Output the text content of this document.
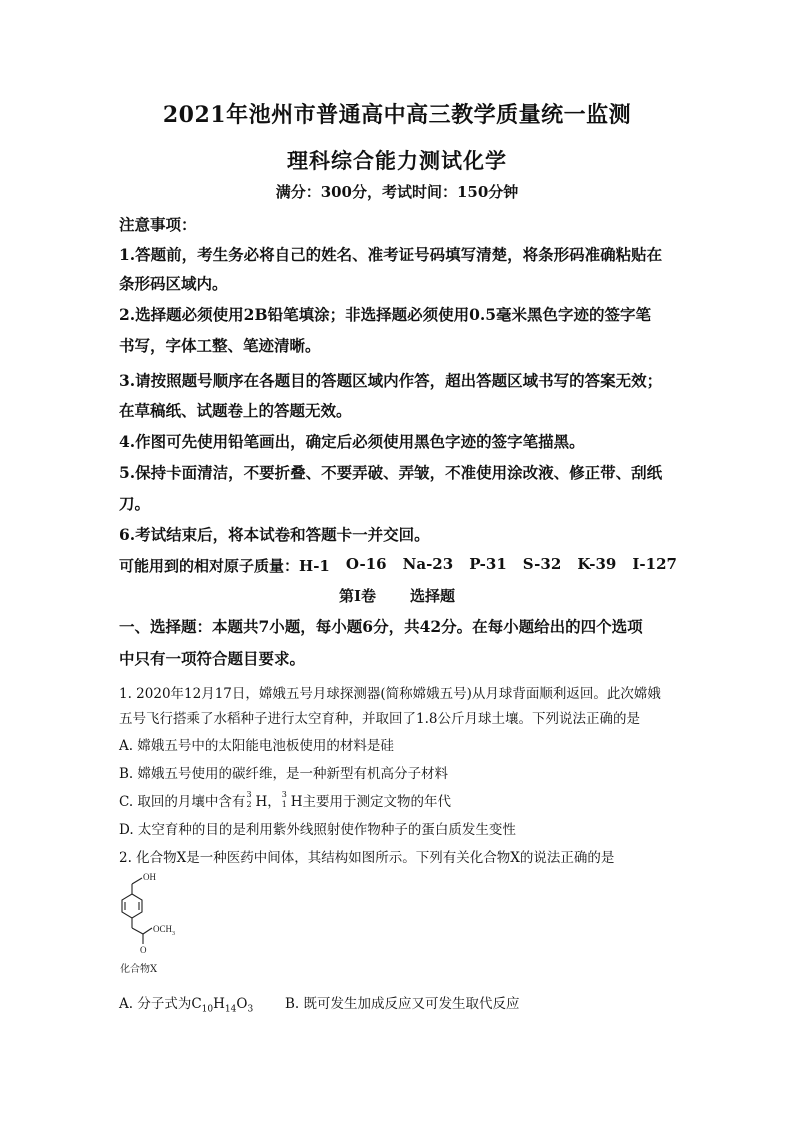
2021年池州市普通高中高三教学质量统一监测
理科综合能力测试化学
满分：300分，考试时间：150分钟
注意事项：
1.答题前，考生务必将自己的姓名、准考证号码填写清楚，将条形码准确粘贴在
条形码区域内。
2.选择题必须使用2B铅笔填涂；非选择题必须使用0.5毫米黑色字迹的签字笔
书写，字体工整、笔迹清晰。
3.请按照题号顺序在各题目的答题区域内作答，超出答题区域书写的答案无效；
在草稿纸、试题卷上的答题无效。
4.作图可先使用铅笔画出，确定后必须使用黑色字迹的签字笔描黑。
5.保持卡面清洁，不要折叠、不要弄破、弄皱，不准使用涂改液、修正带、刮纸
刀。
6.考试结束后，将本试卷和答题卡一并交回。
可能用到的相对原子质量：H-1 O-16 Na-23 P-31 S-32 K-39 I-127
第I卷 选择题
一、选择题：本题共7小题，每小题6分，共42分。在每小题给出的四个选项
中只有一项符合题目要求。
1. 2020年12月17日，嫦娥五号月球探测器(简称嫦娥五号)从月球背面顺利返回。此次嫦娥
五号飞行搭乘了水稻种子进行太空育种，并取回了1.8公斤月球土壤。下列说法正确的是
A. 嫦娥五号中的太阳能电池板使用的材料是硅
B. 嫦娥五号使用的碳纤维，是一种新型有机高分子材料
C. 取回的月壤中含有 3
2 H， 3
1 H主要用于测定文物的年代
D. 太空育种的目的是利用紫外线照射使作物种子的蛋白质发生变性
2. 化合物X是一种医药中间体，其结构如图所示。下列有关化合物X的说法正确的是
OH
$OCH_3$
O
化合物X
A. 分子式为$C_{10}H_{14}O_3$ B. 既可发生加成反应又可发生取代反应
